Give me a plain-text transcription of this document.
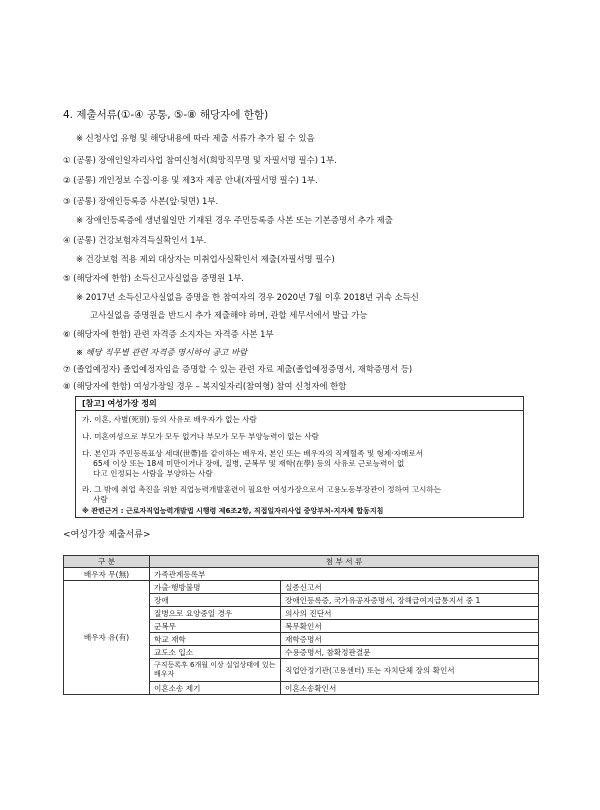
4. 제출서류(①-④ 공통, ⑤-⑧ 해당자에 한함)
※ 신청사업 유형 및 해당내용에 따라 제출 서류가 추가 될 수 있음
① (공통) 장애인일자리사업 참여신청서(희망직무명 및 자필서명 필수) 1부.
② (공통) 개인정보 수집·이용 및 제3자 제공 안내(자필서명 필수) 1부.
③ (공통) 장애인등록증 사본(앞·뒷면) 1부.
※ 장애인등록증에 생년월일만 기재된 경우 주민등록증 사본 또는 기본증명서 추가 제출
④ (공통) 건강보험자격득실확인서 1부.
※ 건강보험 적용 제외 대상자는 미취업사실확인서 제출(자필서명 필수)
⑤ (해당자에 한함) 소득신고사실없음 증명원 1부.
※ 2017년 소득신고사실없음 증명을 한 참여자의 경우 2020년 7월 이후 2018년 귀속 소득신
고사실없음 증명원을 반드시 추가 제출해야 하며, 관할 세무서에서 발급 가능
⑥ (해당자에 한함) 관련 자격증 소지자는 자격증 사본 1부
※ 해당 직무별 관련 자격증 명시하여 공고 바람
⑦ (졸업예정자) 졸업예정자임을 증명할 수 있는 관련 자료 제출(졸업예정증명서, 재학증명서 등)
⑧ (해당자에 한함) 여성가장일 경우 – 복지일자리(참여형) 참여 신청자에 한함
[참고] 여성가장 정의
가. 이혼, 사별(死別) 등의 사유로 배우자가 없는 사람
나. 미혼여성으로 부모가 모두 없거나 부모가 모두 부양능력이 없는 사람
다. 본인과 주민등록표상 세대(世帶)를 같이하는 배우자, 본인 또는 배우자의 직계혈족 및 형제·자매로서
65세 이상 또는 18세 미만이거나 장애, 질병, 군복무 및 재학(在學) 등의 사유로 근로능력이 없
다고 인정되는 사람을 부양하는 사람
라. 그 밖에 취업 촉진을 위한 직업능력개발훈련이 필요한 여성가장으로서 고용노동부장관이 정하여 고시하는
사람
※ 관련근거 : 근로자직업능력개발법 시행령 제6조2항, 직접일자리사업 중앙부처-지자체 합동지침
<여성가장 제출서류>
구 분	첨 부 서 류	
배우자 무(無)	가족관계등록부	
배우자 유(有)	가출·행방불명	실종신고서
	장애	장애인등록증, 국가유공자증명서, 장해급여지급통지서 중 1
	질병으로 요양중일 경우	의사의 진단서
	군복무	복무확인서
	학교 재학	재학증명서
	교도소 입소	수용증명서, 참확정판결문
	구직등록후 6개월 이상 실업상태에 있는 배우자	직업안정기관(고용센터) 또는 자치단체 장의 확인서
	이혼소송 제기	이혼소송확인서
